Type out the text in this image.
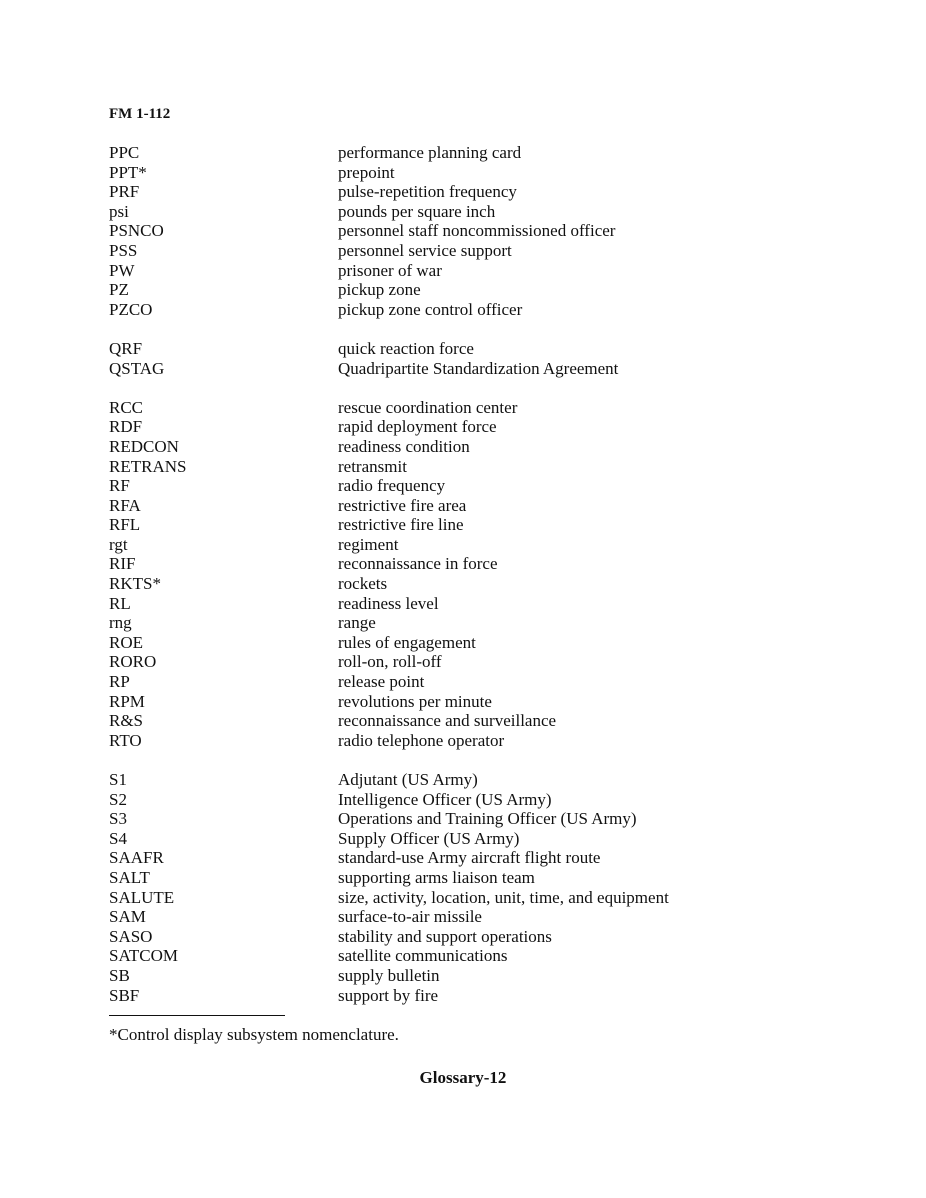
FM 1-112
PPC	performance planning card
PPT*	prepoint
PRF	pulse-repetition frequency
psi	pounds per square inch
PSNCO	personnel staff noncommissioned officer
PSS	personnel service support
PW	prisoner of war
PZ	pickup zone
PZCO	pickup zone control officer
QRF	quick reaction force
QSTAG	Quadripartite Standardization Agreement
RCC	rescue coordination center
RDF	rapid deployment force
REDCON	readiness condition
RETRANS	retransmit
RF	radio frequency
RFA	restrictive fire area
RFL	restrictive fire line
rgt	regiment
RIF	reconnaissance in force
RKTS*	rockets
RL	readiness level
rng	range
ROE	rules of engagement
RORO	roll-on, roll-off
RP	release point
RPM	revolutions per minute
R&S	reconnaissance and surveillance
RTO	radio telephone operator
S1	Adjutant (US Army)
S2	Intelligence Officer (US Army)
S3	Operations and Training Officer (US Army)
S4	Supply Officer (US Army)
SAAFR	standard-use Army aircraft flight route
SALT	supporting arms liaison team
SALUTE	size, activity, location, unit, time, and equipment
SAM	surface-to-air missile
SASO	stability and support operations
SATCOM	satellite communications
SB	supply bulletin
SBF	support by fire
*Control display subsystem nomenclature.
Glossary-12
